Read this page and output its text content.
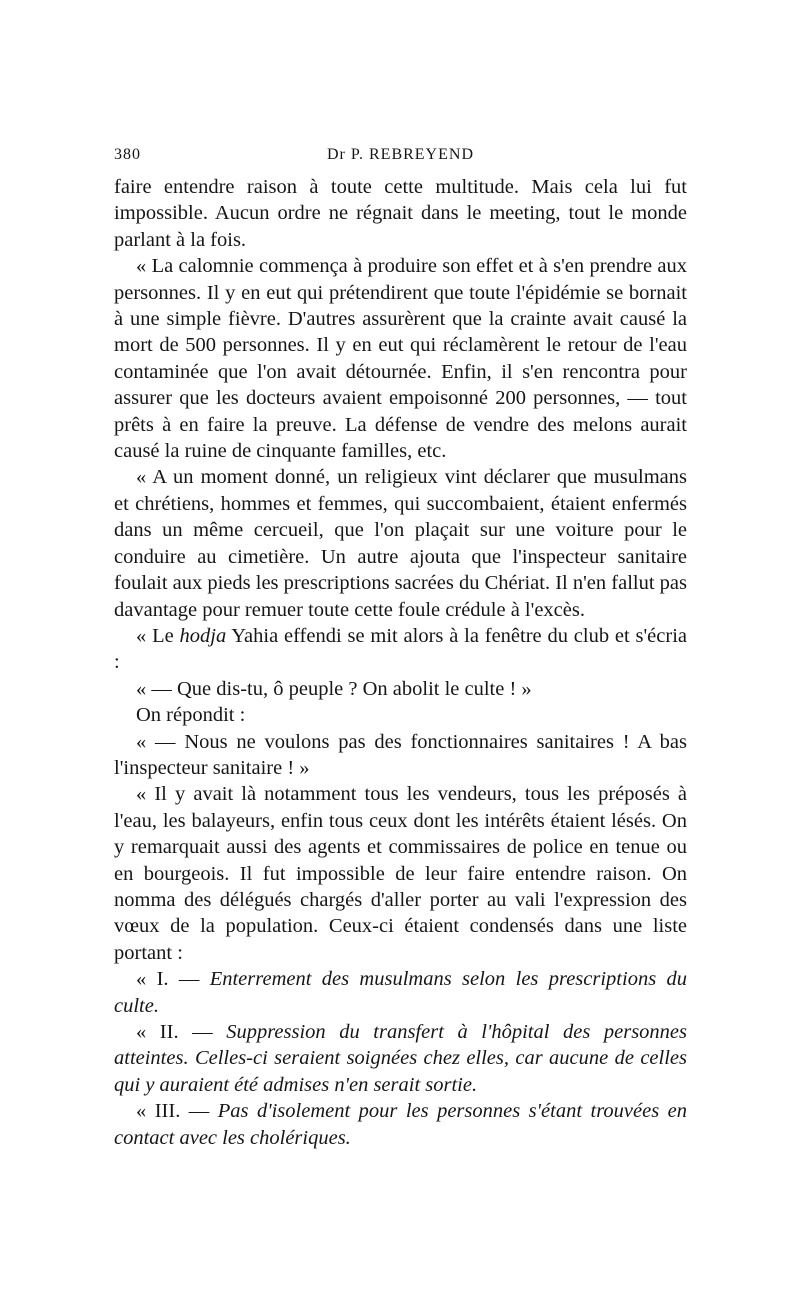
380	Dr P. REBREYEND

faire entendre raison à toute cette multitude. Mais cela lui fut impossible. Aucun ordre ne régnait dans le meeting, tout le monde parlant à la fois.

« La calomnie commença à produire son effet et à s'en prendre aux personnes. Il y en eut qui prétendirent que toute l'épidémie se bornait à une simple fièvre. D'autres assurèrent que la crainte avait causé la mort de 500 personnes. Il y en eut qui réclamèrent le retour de l'eau contaminée que l'on avait détournée. Enfin, il s'en rencontra pour assurer que les docteurs avaient empoisonné 200 personnes, — tout prêts à en faire la preuve. La défense de vendre des melons aurait causé la ruine de cinquante familles, etc.

« A un moment donné, un religieux vint déclarer que musulmans et chrétiens, hommes et femmes, qui succombaient, étaient enfermés dans un même cercueil, que l'on plaçait sur une voiture pour le conduire au cimetière. Un autre ajouta que l'inspecteur sanitaire foulait aux pieds les prescriptions sacrées du Chériat. Il n'en fallut pas davantage pour remuer toute cette foule crédule à l'excès.

« Le hodja Yahia effendi se mit alors à la fenêtre du club et s'écria :

« — Que dis-tu, ô peuple ? On abolit le culte ! »

On répondit :

« — Nous ne voulons pas des fonctionnaires sanitaires ! A bas l'inspecteur sanitaire ! »

« Il y avait là notamment tous les vendeurs, tous les préposés à l'eau, les balayeurs, enfin tous ceux dont les intérêts étaient lésés. On y remarquait aussi des agents et commissaires de police en tenue ou en bourgeois. Il fut impossible de leur faire entendre raison. On nomma des délégués chargés d'aller porter au vali l'expression des vœux de la population. Ceux-ci étaient condensés dans une liste portant :

« I. — Enterrement des musulmans selon les prescriptions du culte.

« II. — Suppression du transfert à l'hôpital des personnes atteintes. Celles-ci seraient soignées chez elles, car aucune de celles qui y auraient été admises n'en serait sortie.

« III. — Pas d'isolement pour les personnes s'étant trouvées en contact avec les cholériques.
